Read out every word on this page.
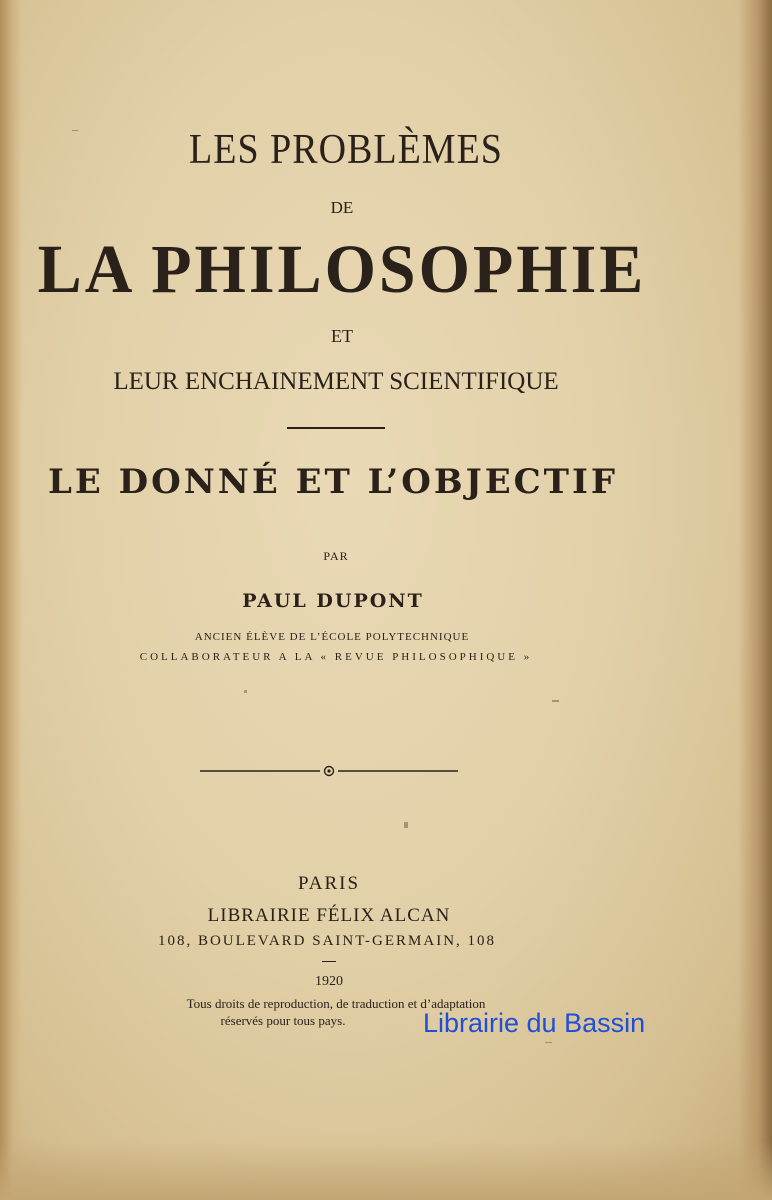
LES PROBLÈMES
DE
LA PHILOSOPHIE
ET
LEUR ENCHAINEMENT SCIENTIFIQUE
LE DONNÉ ET L’OBJECTIF
PAR
PAUL DUPONT
ANCIEN ÉLÈVE DE L’ÉCOLE POLYTECHNIQUE
COLLABORATEUR A LA « REVUE PHILOSOPHIQUE »
PARIS
LIBRAIRIE FÉLIX ALCAN
108, BOULEVARD SAINT-GERMAIN, 108
1920
Tous droits de reproduction, de traduction et d’adaptation
réservés pour tous pays.	Librairie du Bassin
